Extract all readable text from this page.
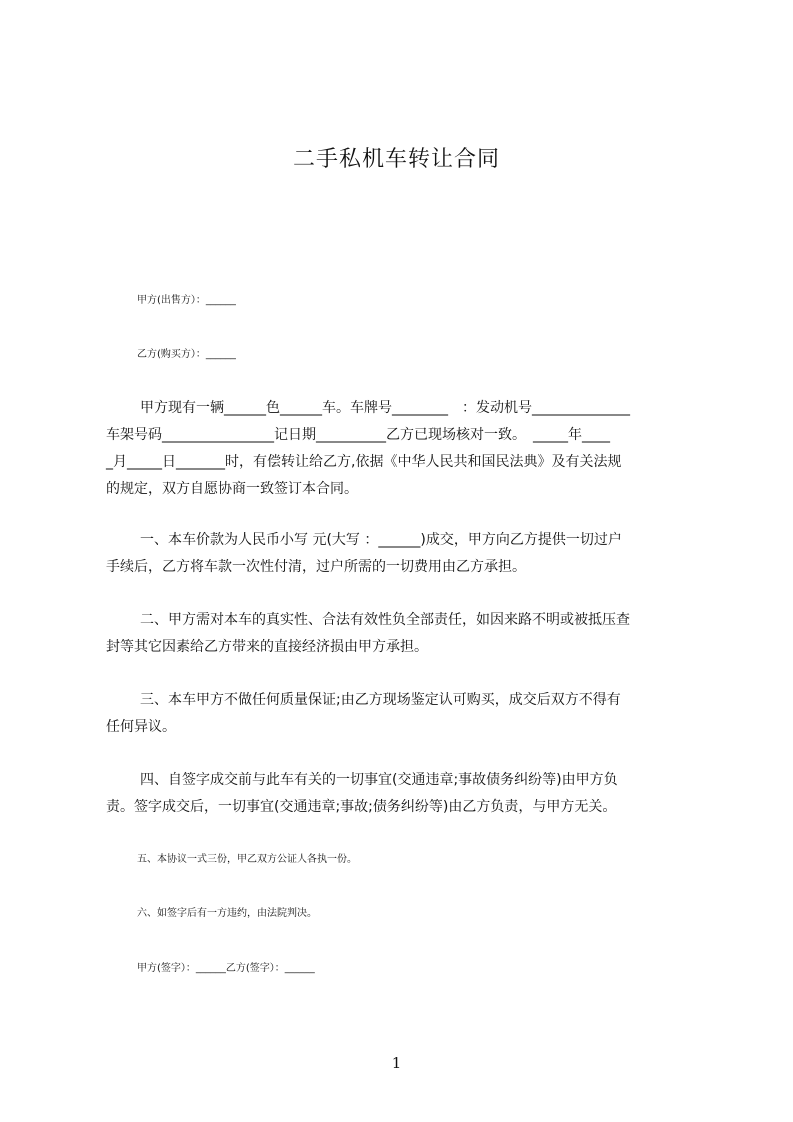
二手私机车转让合同
甲方(出售方）：______
乙方(购买方）：______
甲方现有一辆______色______车。车牌号________　：发动机号______________
车架号码________________记日期__________乙方已现场核对一致。　_____年____
_月_____日_______时，有偿转让给乙方,依据《中华人民共和国民法典》及有关法规
的规定，双方自愿协商一致签订本合同。
一、本车价款为人民币小写 元(大写 ：______)成交，甲方向乙方提供一切过户
手续后，乙方将车款一次性付清，过户所需的一切费用由乙方承担。
二、甲方需对本车的真实性、合法有效性负全部责任，如因来路不明或被抵压查
封等其它因素给乙方带来的直接经济损由甲方承担。
三、本车甲方不做任何质量保证;由乙方现场鉴定认可购买，成交后双方不得有
任何异议。
四、自签字成交前与此车有关的一切事宜(交通违章;事故债务纠纷等)由甲方负
责。签字成交后，一切事宜(交通违章;事故;债务纠纷等)由乙方负责，与甲方无关。
五、本协议一式三份，甲乙双方公证人各执一份。
六、如签字后有一方违约，由法院判决。
甲方(签字）：______乙方(签字）：______
1
